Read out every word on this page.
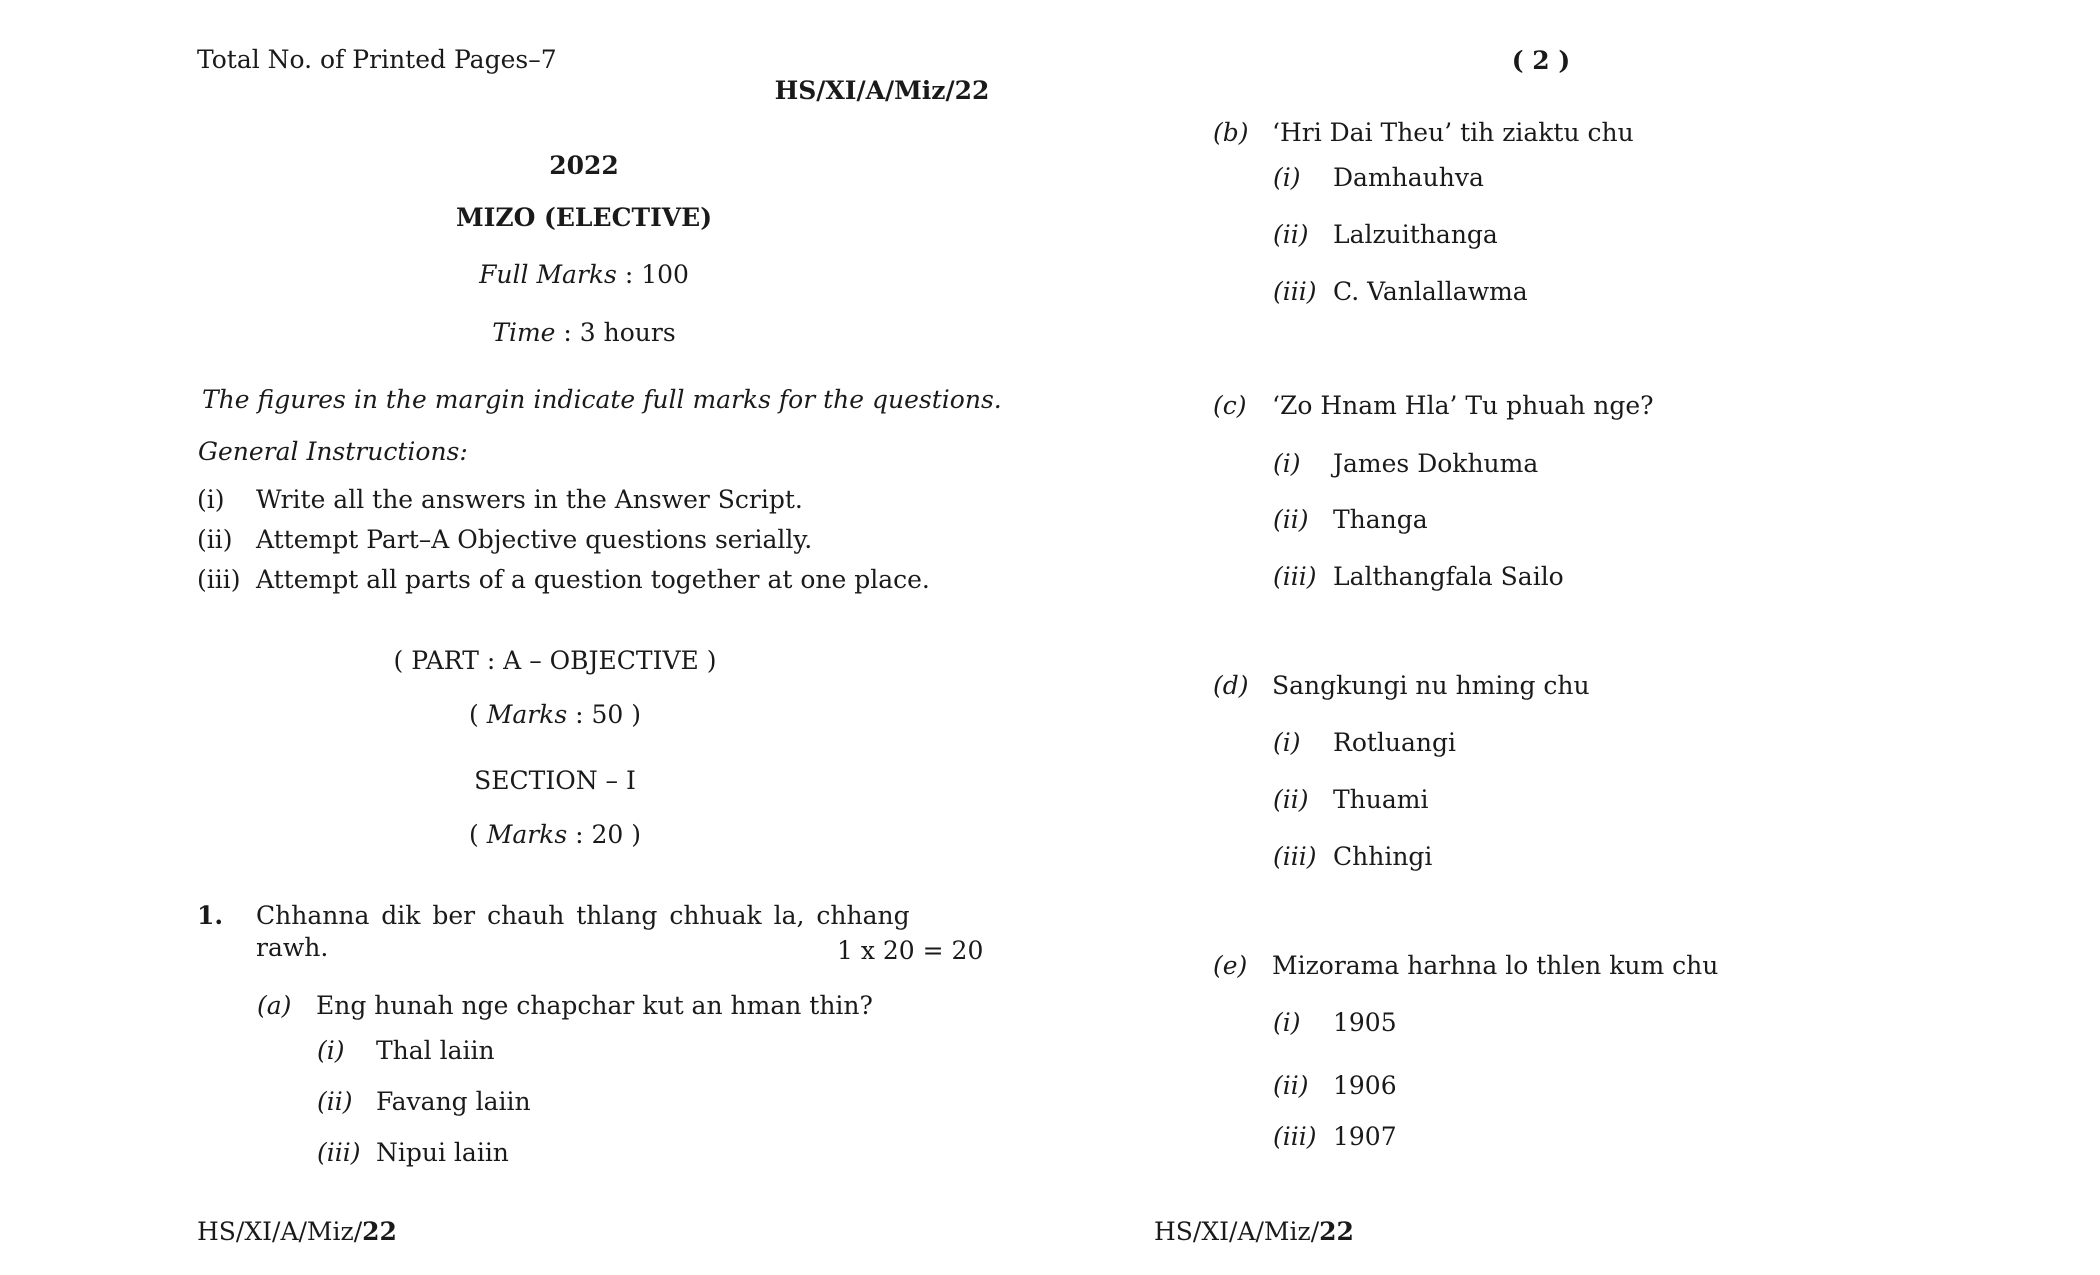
Total No. of Printed Pages–7
HS/XI/A/Miz/22
2022
MIZO (ELECTIVE)
Full Marks : 100
Time : 3 hours
The figures in the margin indicate full marks for the questions.
General Instructions:
(i) Write all the answers in the Answer Script.
(ii) Attempt Part–A Objective questions serially.
(iii) Attempt all parts of a question together at one place.
( PART : A – OBJECTIVE )
( Marks : 50 )
SECTION – I
( Marks : 20 )
1. Chhanna dik ber chauh thlang chhuak la, chhang
rawh.	1 x 20 = 20
(a) Eng hunah nge chapchar kut an hman thin?
(i) Thal laiin
(ii) Favang laiin
(iii) Nipui laiin
HS/XI/A/Miz/22
( 2 )
(b) ‘Hri Dai Theu’ tih ziaktu chu
(i) Damhauhva
(ii) Lalzuithanga
(iii) C. Vanlallawma
(c) ‘Zo Hnam Hla’ Tu phuah nge?
(i) James Dokhuma
(ii) Thanga
(iii) Lalthangfala Sailo
(d) Sangkungi nu hming chu
(i) Rotluangi
(ii) Thuami
(iii) Chhingi
(e) Mizorama harhna lo thlen kum chu
(i) 1905
(ii) 1906
(iii) 1907
HS/XI/A/Miz/22
